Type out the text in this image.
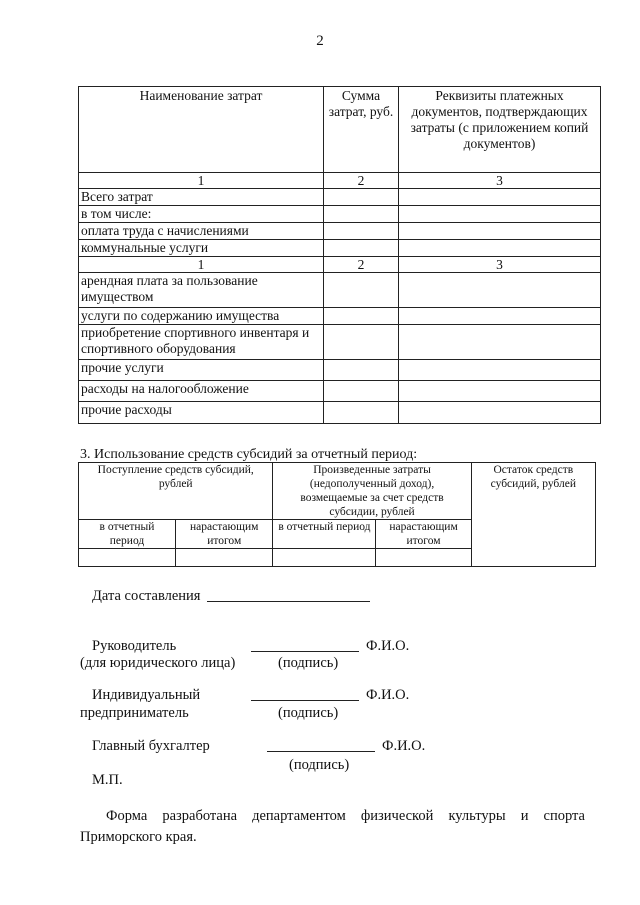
2
Наименование затрат	Сумма затрат, руб.	Реквизиты платежных документов, подтверждающих затраты (с приложением копий документов)
1	2	3
Всего затрат		
в том числе:		
оплата труда с начислениями		
коммунальные услуги		
1	2	3
арендная плата за пользование имуществом		
услуги по содержанию имущества		
приобретение спортивного инвентаря и спортивного оборудования		
прочие услуги		
расходы на налогообложение		
прочие расходы		
3. Использование средств субсидий за отчетный период:
Поступление средств субсидий, рублей		Произведенные затраты (недополученный доход), возмещаемые за счет средств субсидии, рублей		Остаток средств субсидий, рублей
в отчетный период	нарастающим итогом	в отчетный период	нарастающим итогом	

Дата составления
Руководитель
(для юридического лица)
Ф.И.О.
(подпись)
Индивидуальный
предприниматель
Ф.И.О.
(подпись)
Главный бухгалтер	Ф.И.О.
(подпись)
М.П.
Форма разработана департаментом физической культуры и спорта
Приморского края.
